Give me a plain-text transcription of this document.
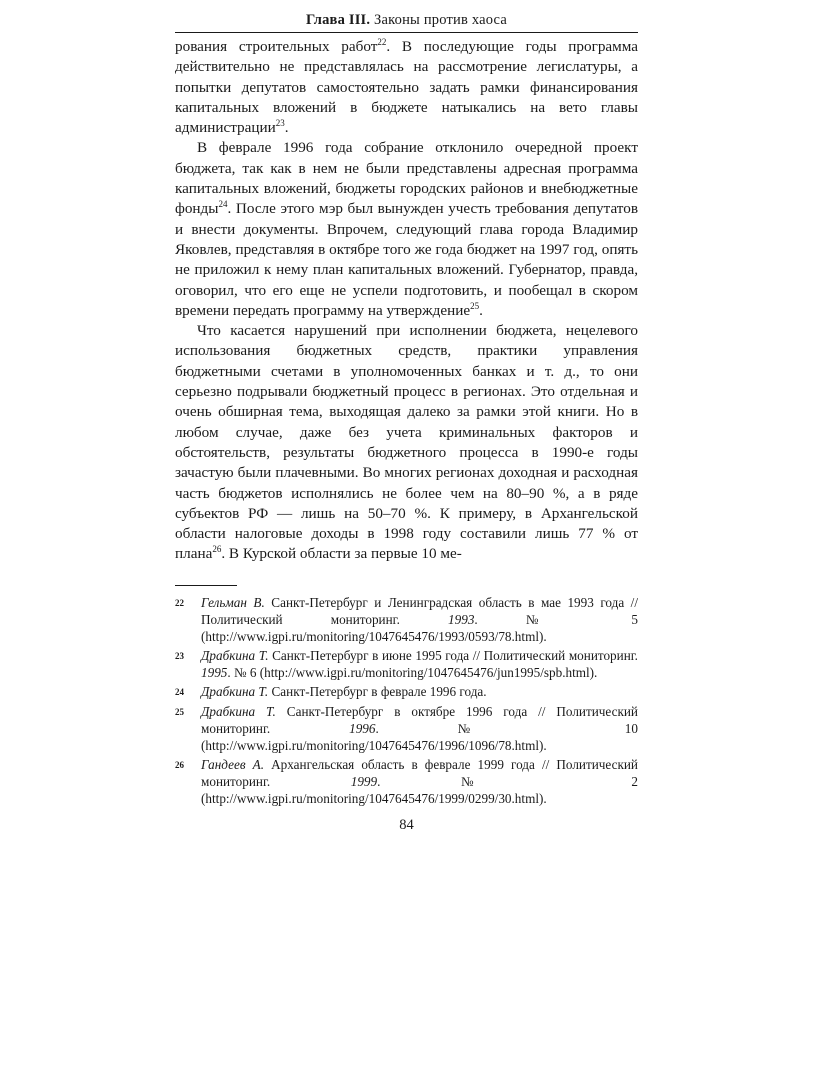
Глава III. Законы против хаоса

рования строительных работ$^{22}$. В последующие годы программа действительно не представлялась на рассмотрение легислатуры, а попытки депутатов самостоятельно задать рамки финансирования капитальных вложений в бюджете натыкались на вето главы администрации$^{23}$.

В феврале 1996 года собрание отклонило очередной проект бюджета, так как в нем не были представлены адресная программа капитальных вложений, бюджеты городских районов и внебюджетные фонды$^{24}$. После этого мэр был вынужден учесть требования депутатов и внести документы. Впрочем, следующий глава города Владимир Яковлев, представляя в октябре того же года бюджет на 1997 год, опять не приложил к нему план капитальных вложений. Губернатор, правда, оговорил, что его еще не успели подготовить, и пообещал в скором времени передать программу на утверждение$^{25}$.

Что касается нарушений при исполнении бюджета, нецелевого использования бюджетных средств, практики управления бюджетными счетами в уполномоченных банках и т. д., то они серьезно подрывали бюджетный процесс в регионах. Это отдельная и очень обширная тема, выходящая далеко за рамки этой книги. Но в любом случае, даже без учета криминальных факторов и обстоятельств, результаты бюджетного процесса в 1990-е годы зачастую были плачевными. Во многих регионах доходная и расходная часть бюджетов исполнялись не более чем на 80–90 %, а в ряде субъектов РФ — лишь на 50–70 %. К примеру, в Архангельской области налоговые доходы в 1998 году составили лишь 77 % от плана$^{26}$. В Курской области за первые 10 ме-

22	Гельман В. Санкт-Петербург и Ленинградская область в мае 1993 года // Политический мониторинг. 1993. № 5 (http://www.igpi.ru/monitoring/1047645476/1993/0593/78.html).
23	Драбкина Т. Санкт-Петербург в июне 1995 года // Политический мониторинг. 1995. № 6 (http://www.igpi.ru/monitoring/1047645476/jun1995/spb.html).
24	Драбкина Т. Санкт-Петербург в феврале 1996 года.
25	Драбкина Т. Санкт-Петербург в октябре 1996 года // Политический мониторинг. 1996. № 10 (http://www.igpi.ru/monitoring/1047645476/1996/1096/78.html).
26	Гандеев А. Архангельская область в феврале 1999 года // Политический мониторинг. 1999. № 2 (http://www.igpi.ru/monitoring/1047645476/1999/0299/30.html).
84
